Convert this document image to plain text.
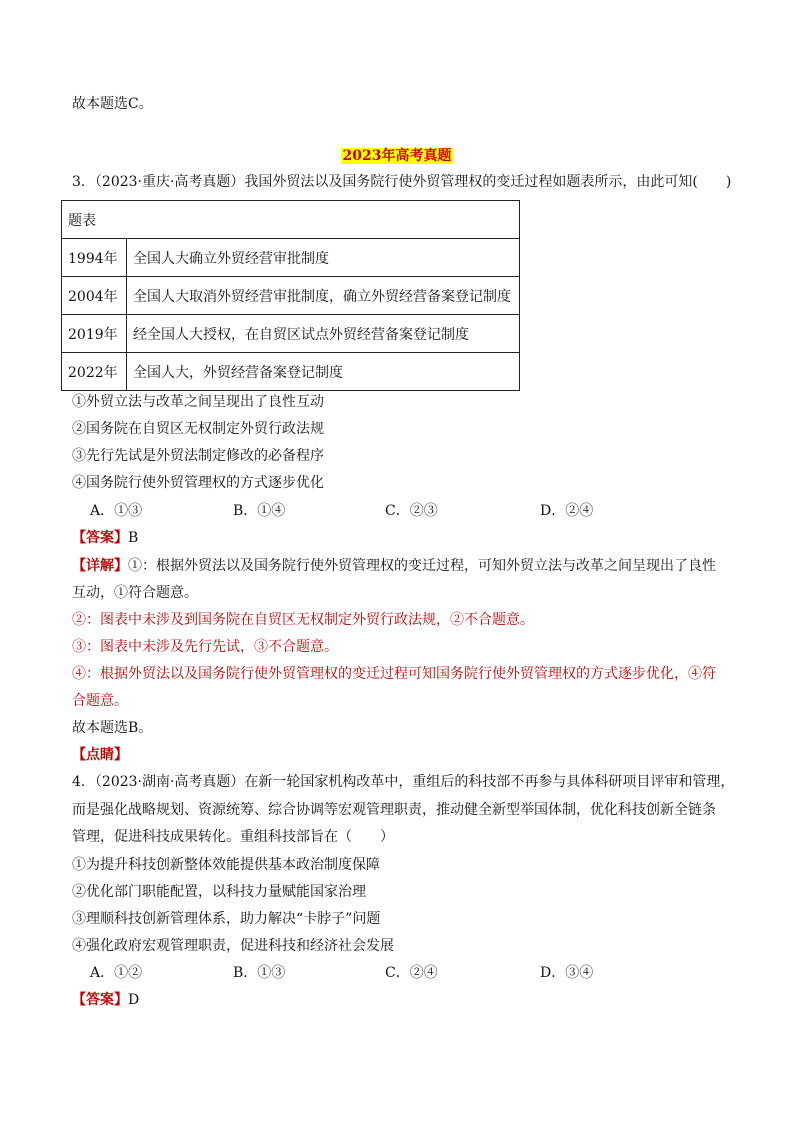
故本题选C。
2023年高考真题
3．（2023·重庆·高考真题）我国外贸法以及国务院行使外贸管理权的变迁过程如题表所示，由此可知(　　)
题表	
1994年	全国人大确立外贸经营审批制度
2004年	全国人大取消外贸经营审批制度，确立外贸经营备案登记制度
2019年	经全国人大授权，在自贸区试点外贸经营备案登记制度
2022年	全国人大，外贸经营备案登记制度
①外贸立法与改革之间呈现出了良性互动
②国务院在自贸区无权制定外贸行政法规
③先行先试是外贸法制定修改的必备程序
④国务院行使外贸管理权的方式逐步优化
A．①③	B．①④	C．②③	D．②④
【答案】B
【详解】①：根据外贸法以及国务院行使外贸管理权的变迁过程，可知外贸立法与改革之间呈现出了良性
互动，①符合题意。
②：图表中未涉及到国务院在自贸区无权制定外贸行政法规，②不合题意。
③：图表中未涉及先行先试，③不合题意。
④：根据外贸法以及国务院行使外贸管理权的变迁过程可知国务院行使外贸管理权的方式逐步优化，④符
合题意。
故本题选B。
【点睛】
4．（2023·湖南·高考真题）在新一轮国家机构改革中，重组后的科技部不再参与具体科研项目评审和管理，
而是强化战略规划、资源统筹、综合协调等宏观管理职责，推动健全新型举国体制，优化科技创新全链条
管理，促进科技成果转化。重组科技部旨在（　　）
①为提升科技创新整体效能提供基本政治制度保障
②优化部门职能配置，以科技力量赋能国家治理
③理顺科技创新管理体系，助力解决“卡脖子”问题
④强化政府宏观管理职责，促进科技和经济社会发展
A．①②	B．①③	C．②④	D．③④
【答案】D
